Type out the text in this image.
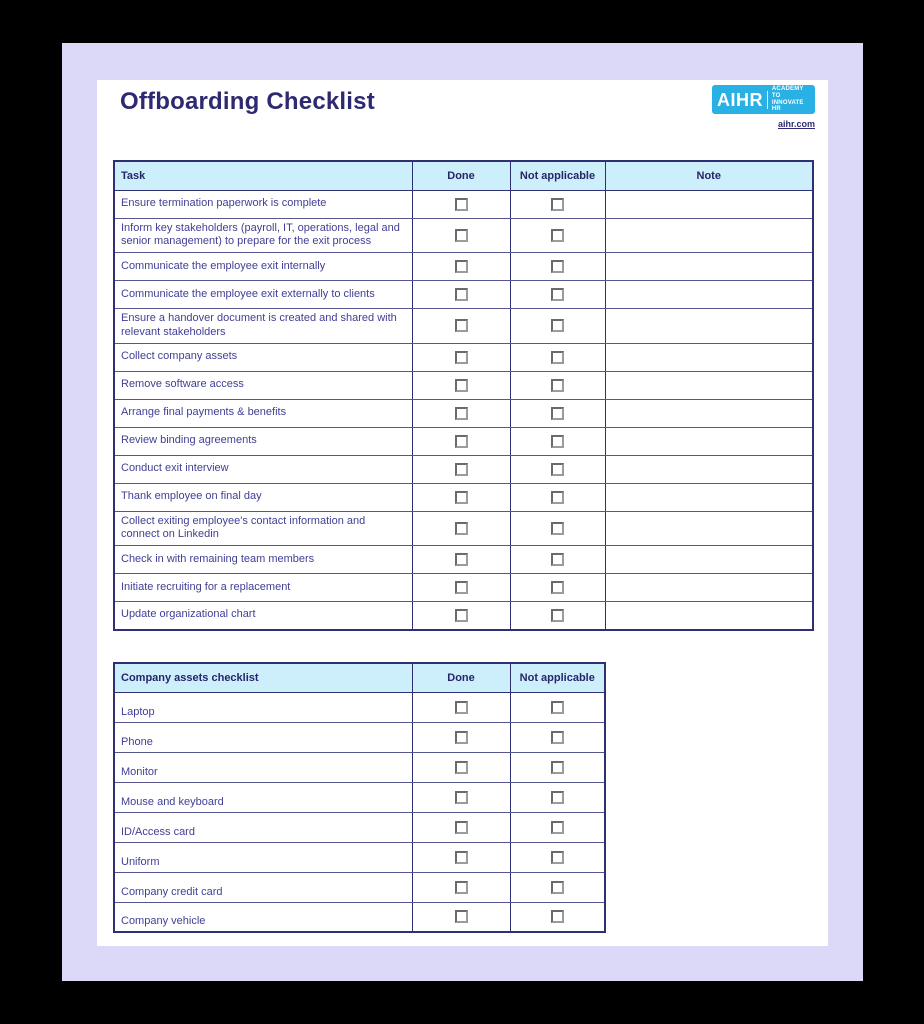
Offboarding Checklist	AIHR
ACADEMY TO
INNOVATE HR
aihr.com
Task	Done	Not applicable	Note
Ensure termination paperwork is complete	

Inform key stakeholders (payroll, IT, operations, legal and senior management) to prepare for the exit process	

Communicate the employee exit internally	

Communicate the employee exit externally to clients	

Ensure a handover document is created and shared with relevant stakeholders	

Collect company assets	

Remove software access	

Arrange final payments & benefits	

Review binding agreements	

Conduct exit interview	

Thank employee on final day	

Collect exiting employee's contact information and connect on Linkedin	

Check in with remaining team members	

Initiate recruiting for a replacement	

Update organizational chart	

Company assets checklist	Done	Not applicable
Laptop	

Phone	

Monitor	

Mouse and keyboard	

ID/Access card	

Uniform	

Company credit card	

Company vehicle	
